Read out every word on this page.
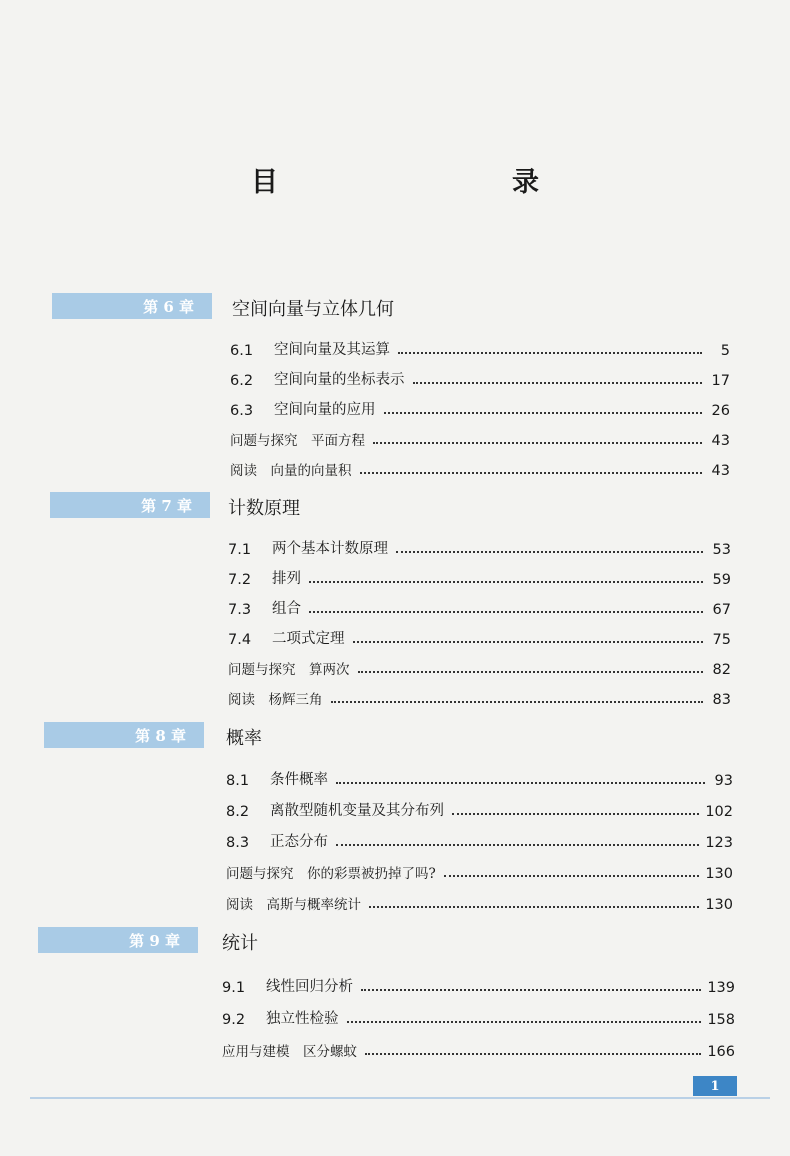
目　　录
第 6 章	空间向量与立体几何
6.1	空间向量及其运算	5
6.2	空间向量的坐标表示	17
6.3	空间向量的应用	26
问题与探究　平面方程	43
阅读　向量的向量积	43
第 7 章	计数原理
7.1	两个基本计数原理	53
7.2	排列	59
7.3	组合	67
7.4	二项式定理	75
问题与探究　算两次	82
阅读　杨辉三角	83
第 8 章	概率
8.1	条件概率	93
8.2	离散型随机变量及其分布列	102
8.3	正态分布	123
问题与探究　你的彩票被扔掉了吗?	130
阅读　高斯与概率统计	130
第 9 章	统计
9.1	线性回归分析	139
9.2	独立性检验	158
应用与建模　区分螺蚊	166
1
